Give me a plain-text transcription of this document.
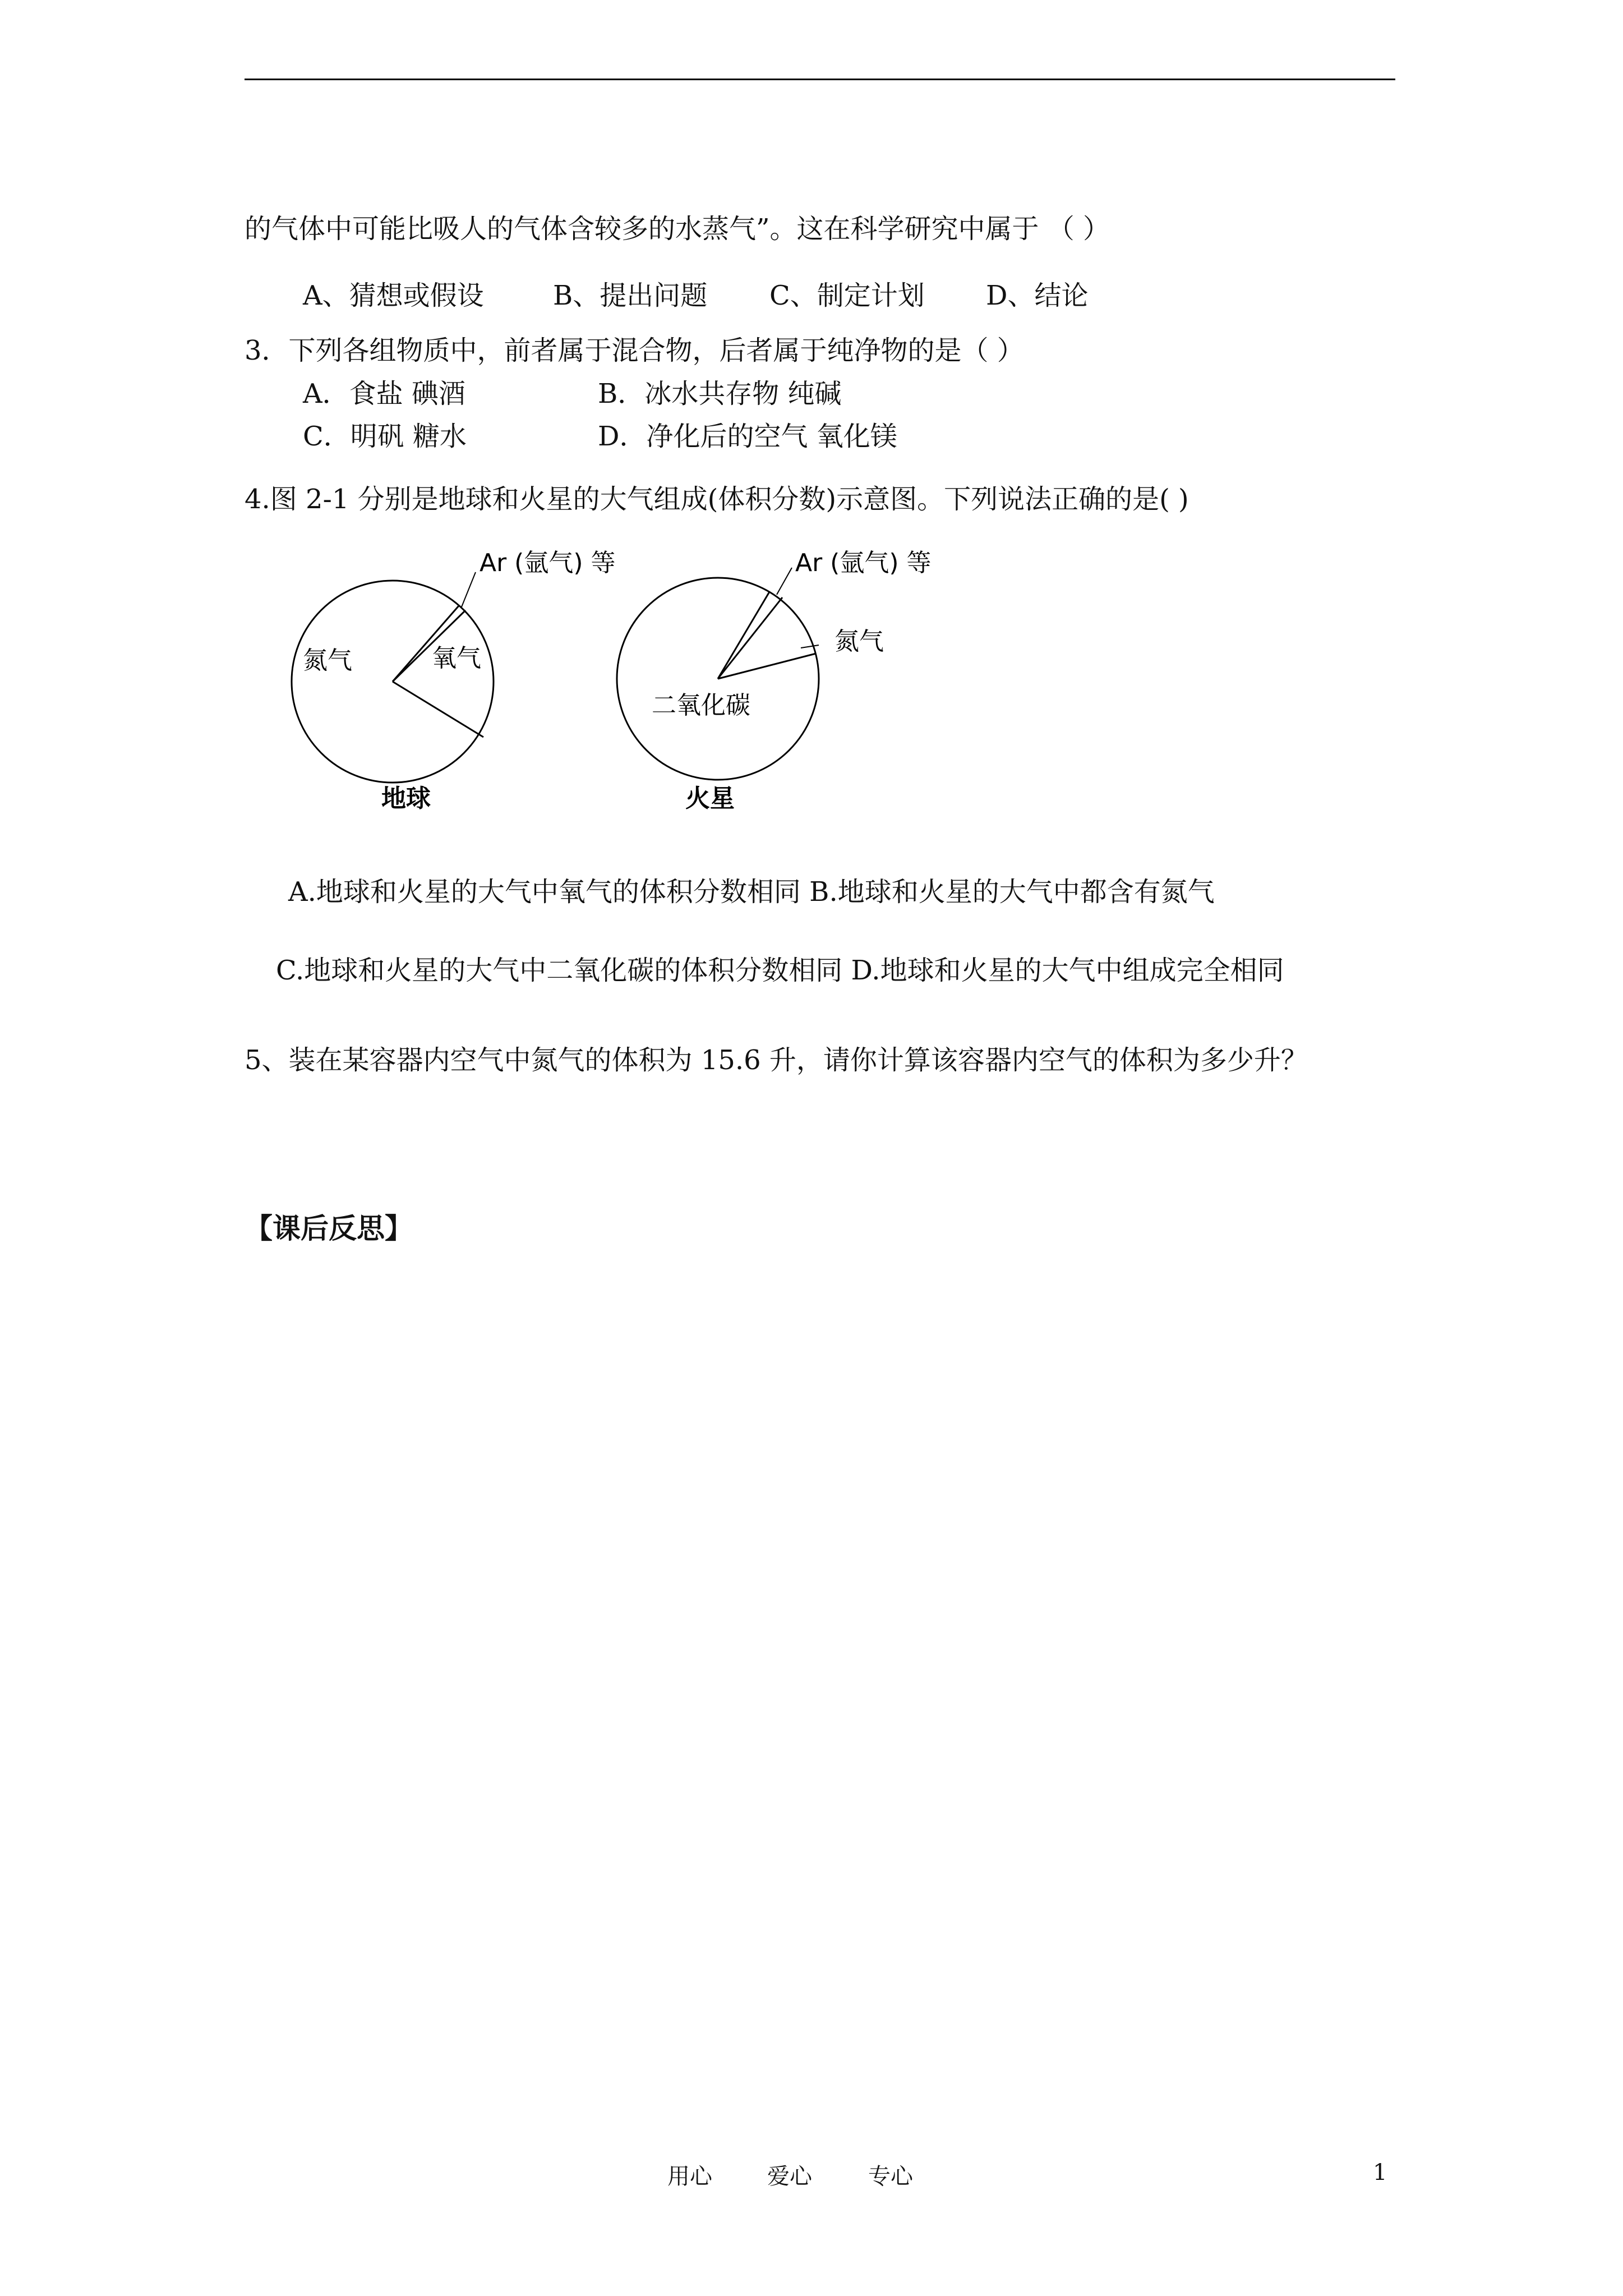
的气体中可能比吸人的气体含较多的水蒸气”。这在科学研究中属于 （ ）
A、猜想或假设	B、提出问题 C、制定计划 D、结论
3．下列各组物质中，前者属于混合物，后者属于纯净物的是（ ）
A．食盐 碘酒	B．冰水共存物 纯碱
C．明矾 糖水	D．净化后的空气 氧化镁
4.图 2-1 分别是地球和火星的大气组成(体积分数)示意图。下列说法正确的是( )
Ar (氩气) 等
氮气	氧气
地球
Ar (氩气) 等
氮气
二氧化碳
火星
A.地球和火星的大气中氧气的体积分数相同 B.地球和火星的大气中都含有氮气
C.地球和火星的大气中二氧化碳的体积分数相同 D.地球和火星的大气中组成完全相同
5、装在某容器内空气中氮气的体积为 15.6 升，请你计算该容器内空气的体积为多少升？
【课后反思】
用心 爱心	专心	1
